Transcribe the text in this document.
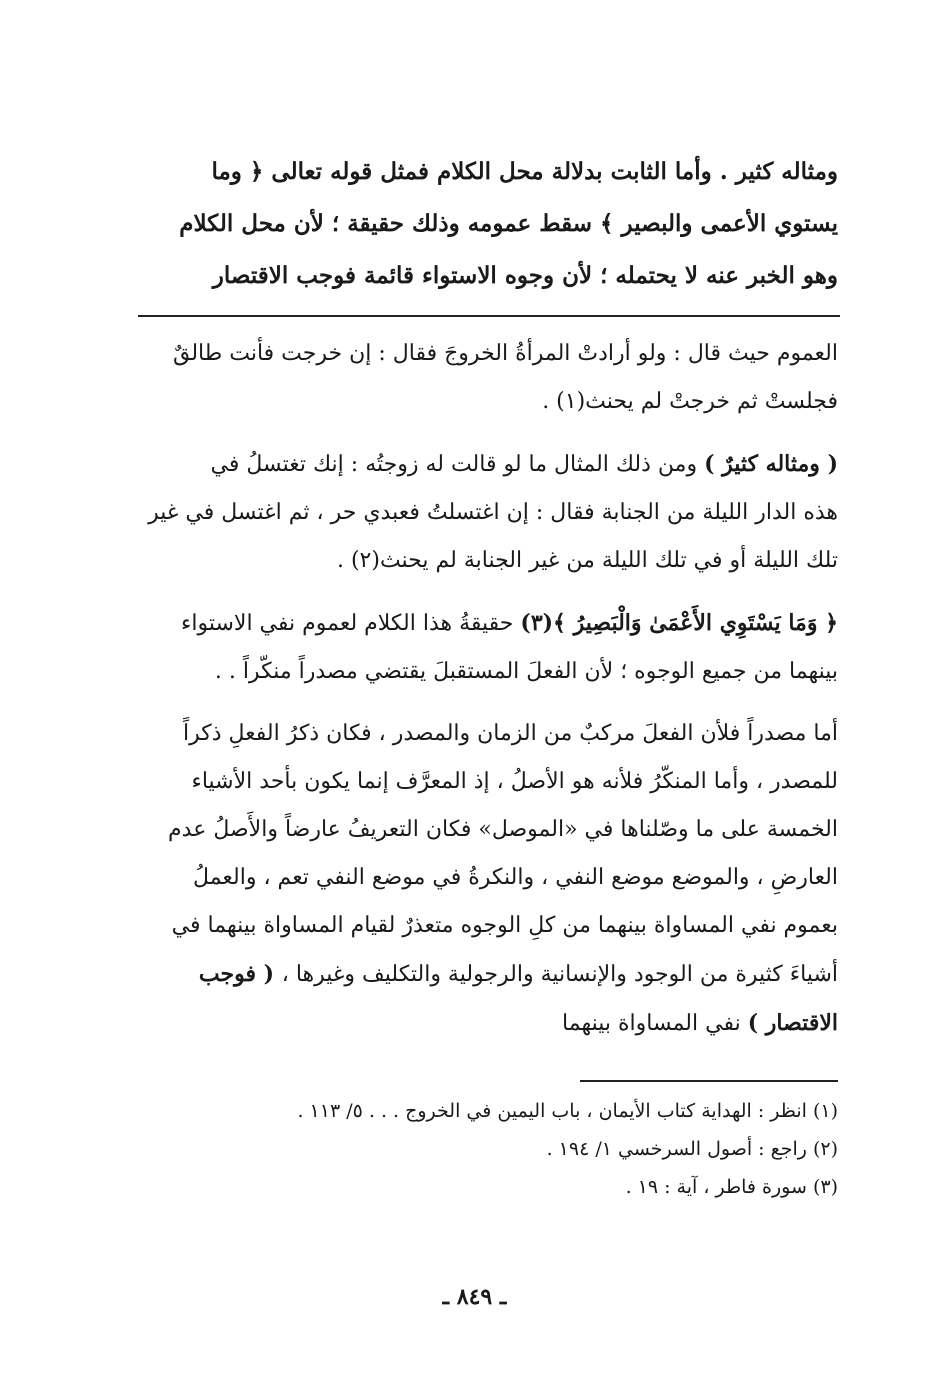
ومثاله كثير . وأما الثابت بدلالة محل الكلام فمثل قوله تعالى ﴿ وما
يستوي الأعمى والبصير ﴾ سقط عمومه وذلك حقيقة ؛ لأن محل الكلام
وهو الخبر عنه لا يحتمله ؛ لأن وجوه الاستواء قائمة فوجب الاقتصار
العموم حيث قال : ولو أرادتْ المرأةُ الخروجَ فقال : إن خرجت فأنت طالقٌ
فجلستْ ثم خرجتْ لم يحنث(١) .
( ومثاله كثيرٌ ) ومن ذلك المثال ما لو قالت له زوجتُه : إنك تغتسلُ في
هذه الدار الليلة من الجنابة فقال : إن اغتسلتُ فعبدي حر ، ثم اغتسل في غير
تلك الليلة أو في تلك الليلة من غير الجنابة لم يحنث(٢) .
﴿ وَمَا يَسْتَوِي الأَعْمَىٰ وَالْبَصِيرُ ﴾(٣) حقيقةُ هذا الكلام لعموم نفي الاستواء
بينهما من جميع الوجوه ؛ لأن الفعلَ المستقبلَ يقتضي مصدراً منكّراً . .
أما مصدراً فلأن الفعلَ مركبٌ من الزمان والمصدر ، فكان ذكرُ الفعلِ ذكراً
للمصدر ، وأما المنكّرُ فلأنه هو الأصلُ ، إذ المعرَّف إنما يكون بأحد الأشياء
الخمسة على ما وصّلناها في «الموصل» فكان التعريفُ عارضاً والأَصلُ عدم
العارضِ ، والموضع موضع النفي ، والنكرةُ في موضع النفي تعم ، والعملُ
بعموم نفي المساواة بينهما من كلِ الوجوه متعذرٌ لقيام المساواة بينهما في
أشياءَ كثيرة من الوجود والإنسانية والرجولية والتكليف وغيرها ، ( فوجب
الاقتصار ) نفي المساواة بينهما
(١) انظر : الهداية كتاب الأيمان ، باب اليمين في الخروج . . . ٥/ ١١٣ .
(٢) راجع : أصول السرخسي ١/ ١٩٤ .
(٣) سورة فاطر ، آية : ١٩ .
ـ ٨٤٩ ـ
